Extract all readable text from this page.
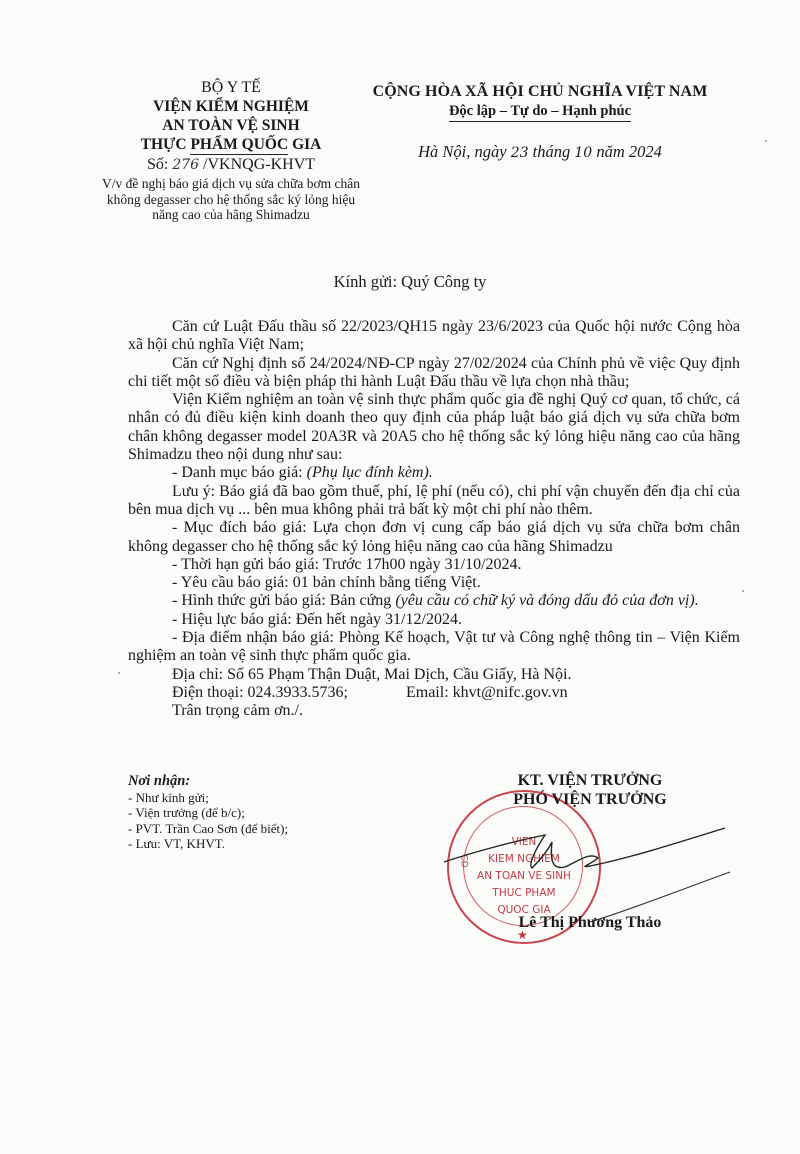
BỘ Y TẾ
VIỆN KIỂM NGHIỆM
AN TOÀN VỆ SINH
THỰC PHẨM QUỐC GIA
Số: 276 /VKNQG-KHVT
V/v đề nghị báo giá dịch vụ sửa chữa bơm chân không degasser cho hệ thống sắc ký lỏng hiệu năng cao của hãng Shimadzu
CỘNG HÒA XÃ HỘI CHỦ NGHĨA VIỆT NAM
Độc lập – Tự do – Hạnh phúc
Hà Nội, ngày 23 tháng 10 năm 2024
Kính gửi: Quý Công ty

Căn cứ Luật Đấu thầu số 22/2023/QH15 ngày 23/6/2023 của Quốc hội nước Cộng hòa xã hội chủ nghĩa Việt Nam;

Căn cứ Nghị định số 24/2024/NĐ-CP ngày 27/02/2024 của Chính phủ về việc Quy định chi tiết một số điều và biện pháp thi hành Luật Đấu thầu về lựa chọn nhà thầu;

Viện Kiểm nghiệm an toàn vệ sinh thực phẩm quốc gia đề nghị Quý cơ quan, tổ chức, cá nhân có đủ điều kiện kinh doanh theo quy định của pháp luật báo giá dịch vụ sửa chữa bơm chân không degasser model 20A3R và 20A5 cho hệ thống sắc ký lỏng hiệu năng cao của hãng Shimadzu theo nội dung như sau:

- Danh mục báo giá: (Phụ lục đính kèm).

Lưu ý: Báo giá đã bao gồm thuế, phí, lệ phí (nếu có), chi phí vận chuyển đến địa chỉ của bên mua dịch vụ ... bên mua không phải trả bất kỳ một chi phí nào thêm.

- Mục đích báo giá: Lựa chọn đơn vị cung cấp báo giá dịch vụ sửa chữa bơm chân không degasser cho hệ thống sắc ký lỏng hiệu năng cao của hãng Shimadzu

- Thời hạn gửi báo giá: Trước 17h00 ngày 31/10/2024.

- Yêu cầu báo giá: 01 bản chính bằng tiếng Việt.

- Hình thức gửi báo giá: Bản cứng (yêu cầu có chữ ký và đóng dấu đỏ của đơn vị).

- Hiệu lực báo giá: Đến hết ngày 31/12/2024.

- Địa điểm nhận báo giá: Phòng Kế hoạch, Vật tư và Công nghệ thông tin – Viện Kiểm nghiệm an toàn vệ sinh thực phẩm quốc gia.

Địa chỉ: Số 65 Phạm Thận Duật, Mai Dịch, Cầu Giấy, Hà Nội.

Điện thoại: 024.3933.5736;	Email: khvt@nifc.gov.vn

Trân trọng cảm ơn./.

Nơi nhận:
- Như kính gửi;
- Viện trưởng (để b/c);
- PVT. Trần Cao Sơn (để biết);
- Lưu: VT, KHVT.
CD
VIEN
KIEM NGHIEM
AN TOAN VE SINH
THUC PHAM
QUOC GIA
★
KT. VIỆN TRƯỞNG
PHÓ VIỆN TRƯỞNG
Lê Thị Phương Thảo
